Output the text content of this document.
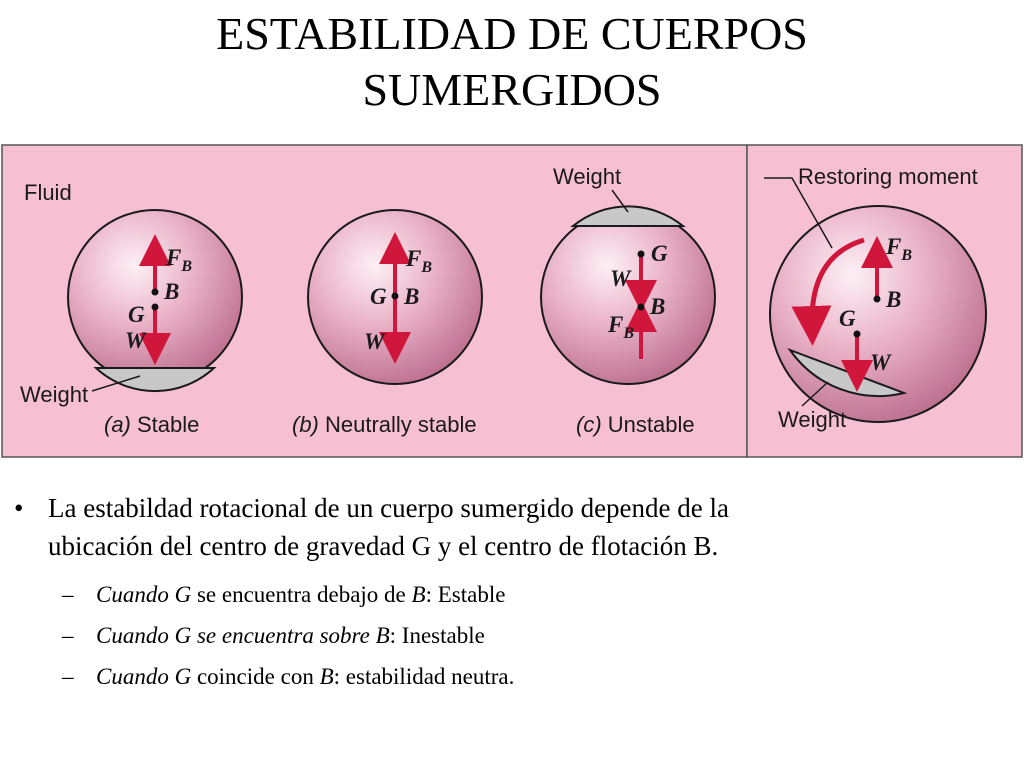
ESTABILIDAD DE CUERPOS
SUMERGIDOS
$F_B$
B
G
W
Fluid
Weight
$F_B$
G B
W
G
W
B
$F_B$
Weight
$F_B$
B
G
W
Restoring moment
Weight
(a) Stable	(b) Neutrally stable	(c) Unstable
• La estabildad rotacional de un cuerpo sumergido depende de la
ubicación del centro de gravedad G y el centro de flotación B.
– Cuando G se encuentra debajo de B: Estable
– Cuando G se encuentra sobre B: Inestable
– Cuando G coincide con B: estabilidad neutra.
